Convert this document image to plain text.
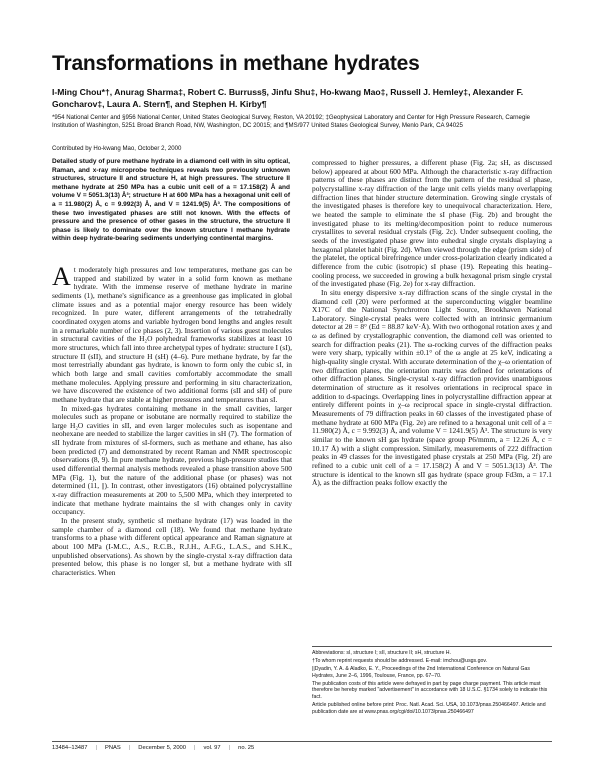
Transformations in methane hydrates
I-Ming Chou*†, Anurag Sharma‡, Robert C. Burruss§, Jinfu Shu‡, Ho-kwang Mao‡, Russell J. Hemley‡, Alexander F. Goncharov‡, Laura A. Stern¶, and Stephen H. Kirby¶
*954 National Center and §956 National Center, United States Geological Survey, Reston, VA 20192; ‡Geophysical Laboratory and Center for High Pressure Research, Carnegie Institution of Washington, 5251 Broad Branch Road, NW, Washington, DC 20015; and ¶MS/977 United States Geological Survey, Menlo Park, CA 94025
Contributed by Ho-kwang Mao, October 2, 2000
Detailed study of pure methane hydrate in a diamond cell with in situ optical, Raman, and x-ray microprobe techniques reveals two previously unknown structures, structure II and structure H, at high pressures. The structure II methane hydrate at 250 MPa has a cubic unit cell of a = 17.158(2) Å and volume V = 5051.3(13) Å³; structure H at 600 MPa has a hexagonal unit cell of a = 11.980(2) Å, c = 9.992(3) Å, and V = 1241.9(5) Å³. The compositions of these two investigated phases are still not known. With the effects of pressure and the presence of other gases in the structure, the structure II phase is likely to dominate over the known structure I methane hydrate within deep hydrate-bearing sediments underlying continental margins.

At moderately high pressures and low temperatures, methane gas can be trapped and stabilized by water in a solid form known as methane hydrate. With the immense reserve of methane hydrate in marine sediments (1), methane's significance as a greenhouse gas implicated in global climate issues and as a potential major energy resource has been widely recognized. In pure water, different arrangements of the tetrahedrally coordinated oxygen atoms and variable hydrogen bond lengths and angles result in a remarkable number of ice phases (2, 3). Insertion of various guest molecules in structural cavities of the H₂O polyhedral frameworks stabilizes at least 10 more structures, which fall into three archetypal types of hydrate: structure I (sI), structure II (sII), and structure H (sH) (4–6). Pure methane hydrate, by far the most terrestrially abundant gas hydrate, is known to form only the cubic sI, in which both large and small cavities comfortably accommodate the small methane molecules. Applying pressure and performing in situ characterization, we have discovered the existence of two additional forms (sII and sH) of pure methane hydrate that are stable at higher pressures and temperatures than sI.

In mixed-gas hydrates containing methane in the small cavities, larger molecules such as propane or isobutane are normally required to stabilize the large H₂O cavities in sII, and even larger molecules such as isopentane and neohexane are needed to stabilize the larger cavities in sH (7). The formation of sII hydrate from mixtures of sI-formers, such as methane and ethane, has also been predicted (7) and demonstrated by recent Raman and NMR spectroscopic observations (8, 9). In pure methane hydrate, previous high-pressure studies that used differential thermal analysis methods revealed a phase transition above 500 MPa (Fig. 1), but the nature of the additional phase (or phases) was not determined (11, ||). In contrast, other investigators (16) obtained polycrystalline x-ray diffraction measurements at 200 to 5,500 MPa, which they interpreted to indicate that methane hydrate maintains the sI with changes only in cavity occupancy.

In the present study, synthetic sI methane hydrate (17) was loaded in the sample chamber of a diamond cell (18). We found that methane hydrate transforms to a phase with different optical appearance and Raman signature at about 100 MPa (I-M.C., A.S., R.C.B., R.J.H., A.F.G., L.A.S., and S.H.K., unpublished observations). As shown by the single-crystal x-ray diffraction data presented below, this phase is no longer sI, but a methane hydrate with sII characteristics. When

compressed to higher pressures, a different phase (Fig. 2a; sH, as discussed below) appeared at about 600 MPa. Although the characteristic x-ray diffraction patterns of these phases are distinct from the pattern of the residual sI phase, polycrystalline x-ray diffraction of the large unit cells yields many overlapping diffraction lines that hinder structure determination. Growing single crystals of the investigated phases is therefore key to unequivocal characterization. Here, we heated the sample to eliminate the sI phase (Fig. 2b) and brought the investigated phase to its melting/decomposition point to reduce numerous crystallites to several residual crystals (Fig. 2c). Under subsequent cooling, the seeds of the investigated phase grew into euhedral single crystals displaying a hexagonal platelet habit (Fig. 2d). When viewed through the edge (prism side) of the platelet, the optical birefringence under cross-polarization clearly indicated a difference from the cubic (isotropic) sI phase (19). Repeating this heating–cooling process, we succeeded in growing a bulk hexagonal prism single crystal of the investigated phase (Fig. 2e) for x-ray diffraction.

In situ energy dispersive x-ray diffraction scans of the single crystal in the diamond cell (20) were performed at the superconducting wiggler beamline X17C of the National Synchrotron Light Source, Brookhaven National Laboratory. Single-crystal peaks were collected with an intrinsic germanium detector at 2θ = 8° (Ed = 88.87 keV·Å). With two orthogonal rotation axes χ and ω as defined by crystallographic convention, the diamond cell was oriented to search for diffraction peaks (21). The ω-rocking curves of the diffraction peaks were very sharp, typically within ±0.1° of the ω angle at 25 keV, indicating a high-quality single crystal. With accurate determination of the χ–ω orientation of two diffraction planes, the orientation matrix was defined for orientations of other diffraction planes. Single-crystal x-ray diffraction provides unambiguous determination of structure as it resolves orientations in reciprocal space in addition to d-spacings. Overlapping lines in polycrystalline diffraction appear at entirely different points in χ–ω reciprocal space in single-crystal diffraction. Measurements of 79 diffraction peaks in 60 classes of the investigated phase of methane hydrate at 600 MPa (Fig. 2e) are refined to a hexagonal unit cell of a = 11.980(2) Å, c = 9.992(3) Å, and volume V = 1241.9(5) Å³. The structure is very similar to the known sH gas hydrate (space group P6/mmm, a = 12.26 Å, c = 10.17 Å) with a slight compression. Similarly, measurements of 222 diffraction peaks in 49 classes for the investigated phase crystals at 250 MPa (Fig. 2f) are refined to a cubic unit cell of a = 17.158(2) Å and V = 5051.3(13) Å³. The structure is identical to the known sII gas hydrate (space group Fd3m, a = 17.1 Å), as the diffraction peaks follow exactly the

Abbreviations: sI, structure I; sII, structure II; sH, structure H.

†To whom reprint requests should be addressed. E-mail: imchou@usgs.gov.

||Dyadin, Y. A. & Aladko, E. Y., Proceedings of the 2nd International Conference on Natural Gas Hydrates, June 2–6, 1996, Toulouse, France, pp. 67–70.

The publication costs of this article were defrayed in part by page charge payment. This article must therefore be hereby marked "advertisement" in accordance with 18 U.S.C. §1734 solely to indicate this fact.

Article published online before print: Proc. Natl. Acad. Sci. USA, 10.1073/pnas.250466497. Article and publication date are at www.pnas.org/cgi/doi/10.1073/pnas.250466497

13484–13487 | PNAS | December 5, 2000 | vol. 97 | no. 25
